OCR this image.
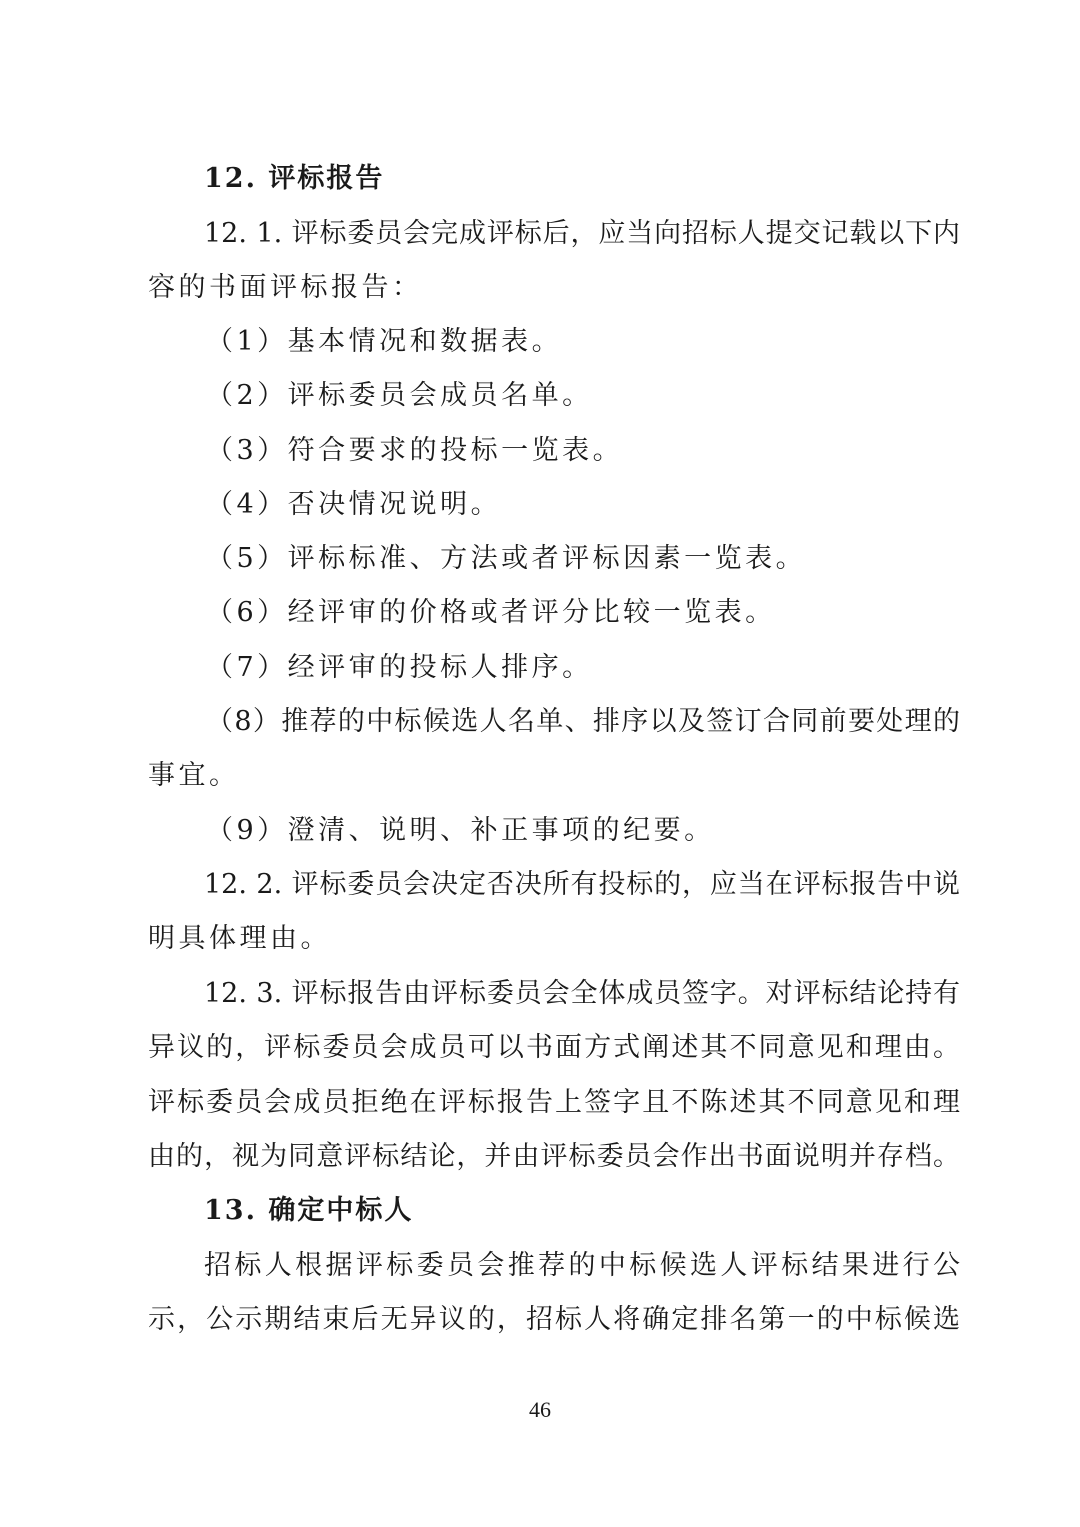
12. 评标报告
12. 1. 评标委员会完成评标后，应当向招标人提交记载以下内
容的书面评标报告：
（1）基本情况和数据表。
（2）评标委员会成员名单。
（3）符合要求的投标一览表。
（4）否决情况说明。
（5）评标标准、方法或者评标因素一览表。
（6）经评审的价格或者评分比较一览表。
（7）经评审的投标人排序。
（8）推荐的中标候选人名单、排序以及签订合同前要处理的
事宜。
（9）澄清、说明、补正事项的纪要。
12. 2. 评标委员会决定否决所有投标的，应当在评标报告中说
明具体理由。
12. 3. 评标报告由评标委员会全体成员签字。对评标结论持有
异议的，评标委员会成员可以书面方式阐述其不同意见和理由。
评标委员会成员拒绝在评标报告上签字且不陈述其不同意见和理
由的，视为同意评标结论，并由评标委员会作出书面说明并存档。
13. 确定中标人
招标人根据评标委员会推荐的中标候选人评标结果进行公
示，公示期结束后无异议的，招标人将确定排名第一的中标候选
46
